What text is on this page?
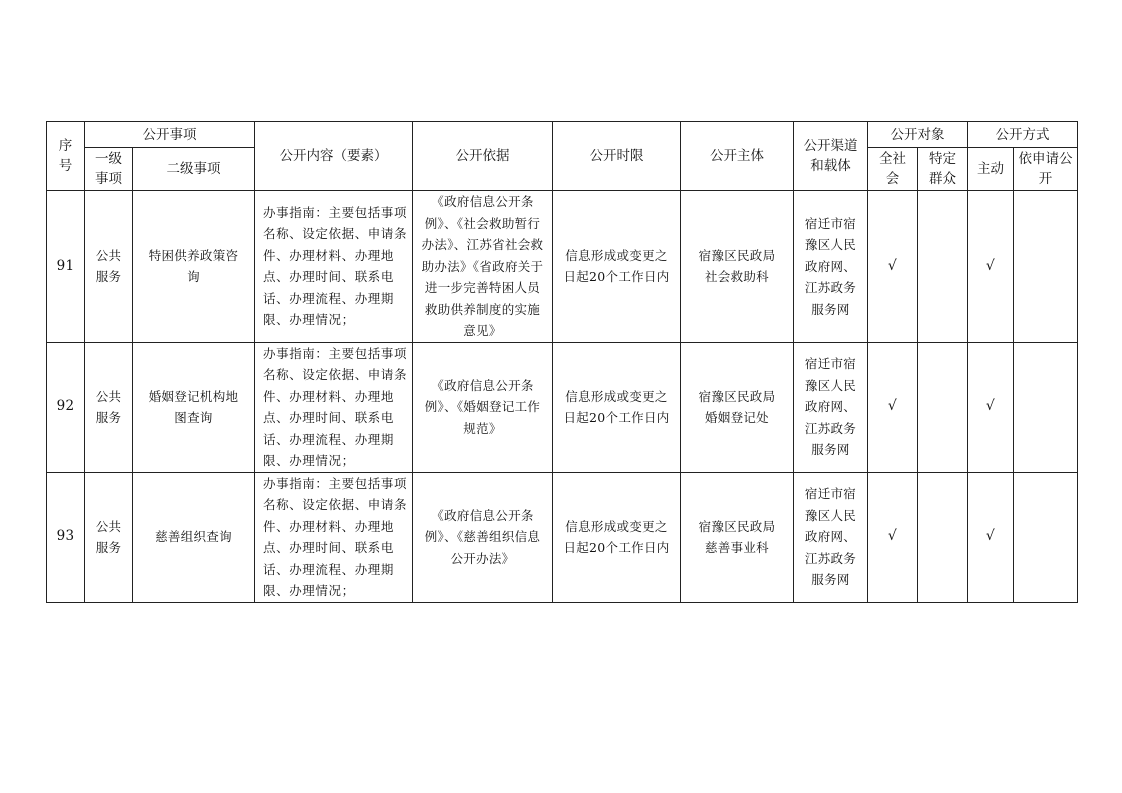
序号	公开事项		公开内容（要素）	公开依据	公开时限	公开主体	公开渠道和载体	公开对象		公开方式	
	一级事项	二级事项						全社会	特定群众	主动	依申请公开
91	公共服务	特困供养政策咨询	办事指南：主要包括事项名称、设定依据、申请条件、办理材料、办理地点、办理时间、联系电话、办理流程、办理期限、办理情况；	《政府信息公开条例》、《社会救助暂行办法》、江苏省社会救助办法》《省政府关于进一步完善特困人员救助供养制度的实施意见》	信息形成或变更之日起20个工作日内	宿豫区民政局社会救助科	宿迁市宿豫区人民政府网、江苏政务服务网	√		√	
92	公共服务	婚姻登记机构地图查询	办事指南：主要包括事项名称、设定依据、申请条件、办理材料、办理地点、办理时间、联系电话、办理流程、办理期限、办理情况；	《政府信息公开条例》、《婚姻登记工作规范》	信息形成或变更之日起20个工作日内	宿豫区民政局婚姻登记处	宿迁市宿豫区人民政府网、江苏政务服务网	√		√	
93	公共服务	慈善组织查询	办事指南：主要包括事项名称、设定依据、申请条件、办理材料、办理地点、办理时间、联系电话、办理流程、办理期限、办理情况；	《政府信息公开条例》、《慈善组织信息公开办法》	信息形成或变更之日起20个工作日内	宿豫区民政局慈善事业科	宿迁市宿豫区人民政府网、江苏政务服务网	√		√	
